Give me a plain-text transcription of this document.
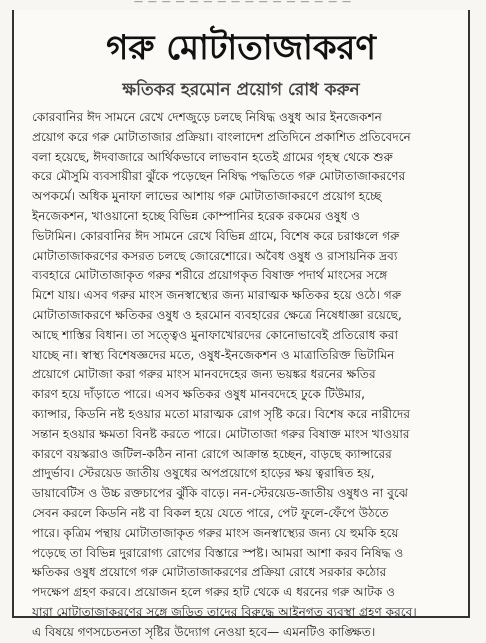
— — — — — — — — — — — — — — — —
গরু মোটাতাজাকরণ
ক্ষতিকর হরমোন প্রয়োগ রোধ করুন
কোরবানির ঈদ সামনে রেখে দেশজুড়ে চলছে নিষিদ্ধ ওষুধ আর ইনজেকশন
প্রয়োগ করে গরু মোটাতাজার প্রক্রিয়া। বাংলাদেশ প্রতিদিনে প্রকাশিত প্রতিবেদনে
বলা হয়েছে, ঈদবাজারে আর্থিকভাবে লাভবান হতেই গ্রামের গৃহস্থ থেকে শুরু
করে মৌসুমি ব্যবসায়ীরা ঝুঁকে পড়েছেন নিষিদ্ধ পদ্ধতিতে গরু মোটাতাজাকরণের
অপকর্মে। অধিক মুনাফা লাভের আশায় গরু মোটাতাজাকরণে প্রয়োগ হচ্ছে
ইনজেকশন, খাওয়ানো হচ্ছে বিভিন্ন কোম্পানির হরেক রকমের ওষুধ ও
ভিটামিন। কোরবানির ঈদ সামনে রেখে বিভিন্ন গ্রামে, বিশেষ করে চরাঞ্চলে গরু
মোটাতাজাকরণের কসরত চলছে জোরেশোরে। অবৈধ ওষুধ ও রাসায়নিক দ্রব্য
ব্যবহারে মোটাতাজাকৃত গরুর শরীরে প্রয়োগকৃত বিষাক্ত পদার্থ মাংসের সঙ্গে
মিশে যায়। এসব গরুর মাংস জনস্বাস্থ্যের জন্য মারাত্মক ক্ষতিকর হয়ে ওঠে। গরু
মোটাতাজাকরণে ক্ষতিকর ওষুধ ও হরমোন ব্যবহারের ক্ষেত্রে নিষেধাজ্ঞা রয়েছে,
আছে শাস্তির বিধান। তা সত্ত্বেও মুনাফাখোরদের কোনোভাবেই প্রতিরোধ করা
যাচ্ছে না। স্বাস্থ্য বিশেষজ্ঞদের মতে, ওষুধ-ইনজেকশন ও মাত্রাতিরিক্ত ভিটামিন
প্রয়োগে মোটাজা করা গরুর মাংস মানবদেহের জন্য ভয়ঙ্কর ধরনের ক্ষতির
কারণ হয়ে দাঁড়াতে পারে। এসব ক্ষতিকর ওষুধ মানবদেহে ঢুকে টিউমার,
ক্যান্সার, কিডনি নষ্ট হওয়ার মতো মারাত্মক রোগ সৃষ্টি করে। বিশেষ করে নারীদের
সন্তান হওয়ার ক্ষমতা বিনষ্ট করতে পারে। মোটাতাজা গরুর বিষাক্ত মাংস খাওয়ার
কারণে বয়স্করাও জটিল-কঠিন নানা রোগে আক্রান্ত হচ্ছেন, বাড়ছে ক্যান্সারের
প্রাদুর্ভাব। স্টেরয়েড জাতীয় ওষুধের অপপ্রয়োগে হাড়ের ক্ষয় ত্বরান্বিত হয়,
ডায়াবেটিস ও উচ্চ রক্তচাপের ঝুঁকি বাড়ে। নন-স্টেরয়েড-জাতীয় ওষুধও না বুঝে
সেবন করলে কিডনি নষ্ট বা বিকল হয়ে যেতে পারে, পেট ফুলে-ফেঁপে উঠতে
পারে। কৃত্রিম পন্থায় মোটাতাজাকৃত গরুর মাংস জনস্বাস্থ্যের জন্য যে হুমকি হয়ে
পড়েছে তা বিভিন্ন দুরারোগ্য রোগের বিস্তারে স্পষ্ট। আমরা আশা করব নিষিদ্ধ ও
ক্ষতিকর ওষুধ প্রয়োগে গরু মোটাতাজাকরণের প্রক্রিয়া রোধে সরকার কঠোর
পদক্ষেপ গ্রহণ করবে। প্রয়োজন হলে গরুর হাট থেকে এ ধরনের গরু আটক ও
যারা মোটাতাজাকরণের সঙ্গে জড়িত তাদের বিরুদ্ধে আইনগত ব্যবস্থা গ্রহণ করবে।
এ বিষয়ে গণসচেতনতা সৃষ্টির উদ্যোগ নেওয়া হবে— এমনটিও কাঙ্ক্ষিত।
